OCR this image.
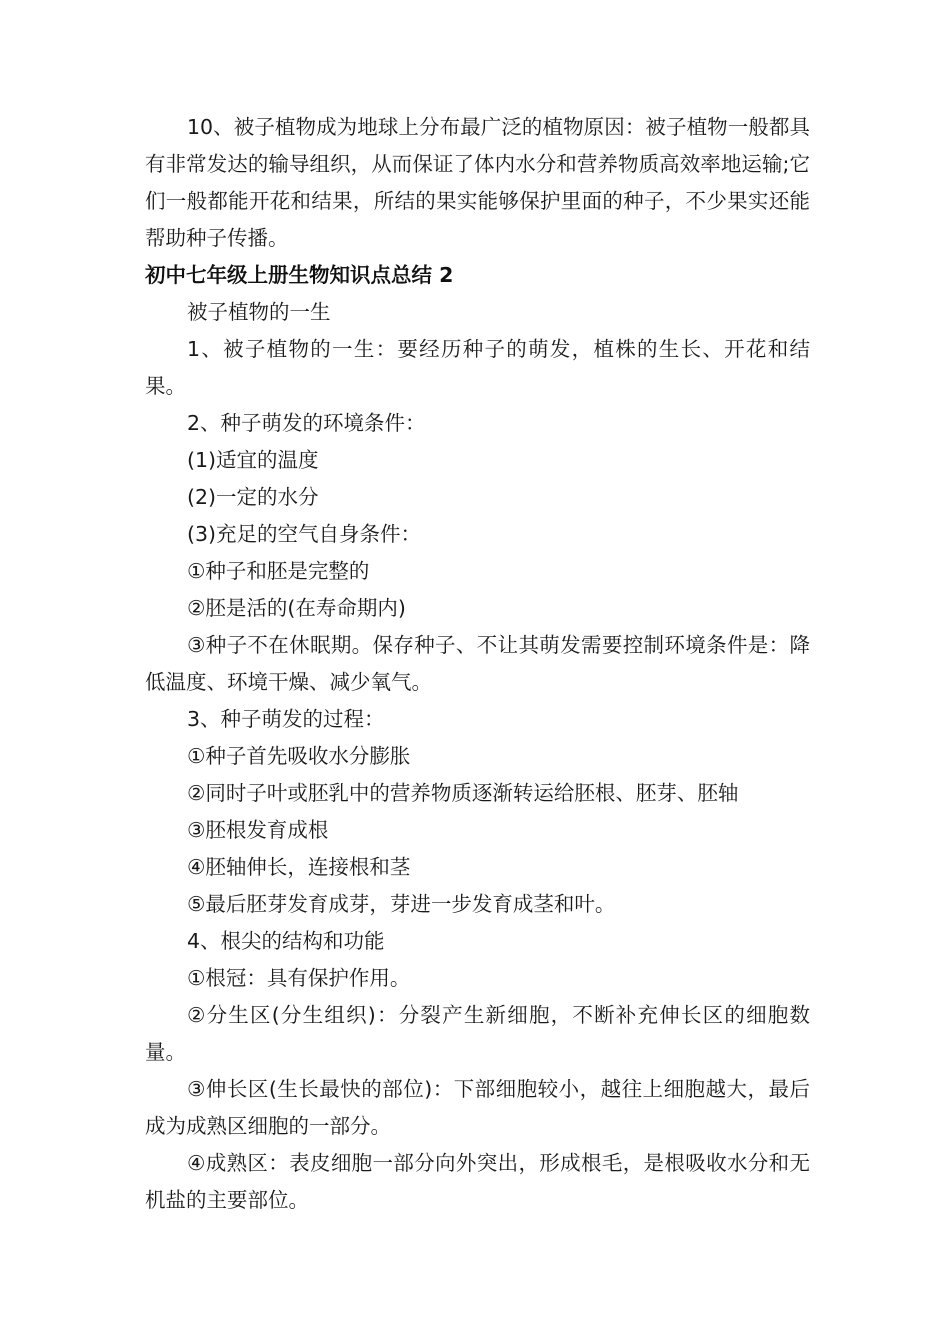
10、被子植物成为地球上分布最广泛的植物原因：被子植物一般都具有非常发达的输导组织，从而保证了体内水分和营养物质高效率地运输;它们一般都能开花和结果，所结的果实能够保护里面的种子，不少果实还能帮助种子传播。

初中七年级上册生物知识点总结 2

被子植物的一生

1、被子植物的一生：要经历种子的萌发，植株的生长、开花和结果。

2、种子萌发的环境条件：

(1)适宜的温度

(2)一定的水分

(3)充足的空气自身条件：

①种子和胚是完整的

②胚是活的(在寿命期内)

③种子不在休眠期。保存种子、不让其萌发需要控制环境条件是：降低温度、环境干燥、减少氧气。

3、种子萌发的过程：

①种子首先吸收水分膨胀

②同时子叶或胚乳中的营养物质逐渐转运给胚根、胚芽、胚轴

③胚根发育成根

④胚轴伸长，连接根和茎

⑤最后胚芽发育成芽，芽进一步发育成茎和叶。

4、根尖的结构和功能

①根冠：具有保护作用。

②分生区(分生组织)：分裂产生新细胞，不断补充伸长区的细胞数量。

③伸长区(生长最快的部位)：下部细胞较小，越往上细胞越大，最后成为成熟区细胞的一部分。

④成熟区：表皮细胞一部分向外突出，形成根毛，是根吸收水分和无机盐的主要部位。
